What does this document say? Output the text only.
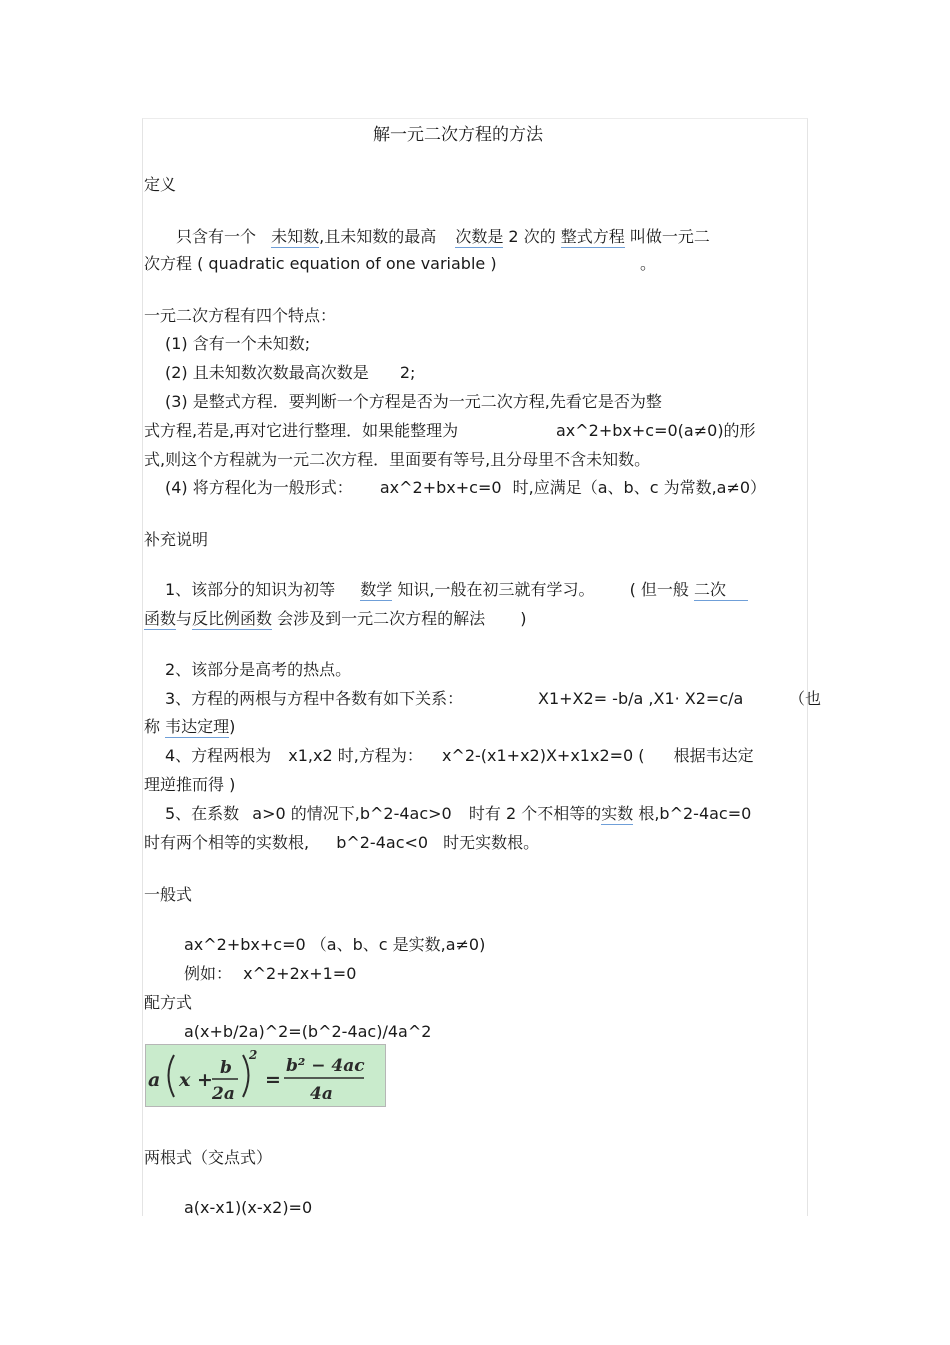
解一元二次方程的方法
定义
只含有一个 未知数,且未知数的最高 次数是 2 次的 整式方程 叫做一元二
次方程 ( quadratic equation of one variable )	。
一元二次方程有四个特点：
(1) 含有一个未知数;
(2) 且未知数次数最高次数是 2;
(3) 是整式方程．要判断一个方程是否为一元二次方程,先看它是否为整
式方程,若是,再对它进行整理．如果能整理为	ax^2+bx+c=0(a≠0)的形
式,则这个方程就为一元二次方程．里面要有等号,且分母里不含未知数。
(4) 将方程化为一般形式： ax^2+bx+c=0 时,应满足（a、b、c 为常数,a≠0）
补充说明
1、该部分的知识为初等 数学 知识,一般在初三就有学习。 ( 但一般 二次
函数与反比例函数 会涉及到一元二次方程的解法 )
2、该部分是高考的热点。
3、方程的两根与方程中各数有如下关系：	X1+X2= -b/a ,X1· X2=c/a	（也
称 韦达定理)
4、方程两根为 x1,x2 时,方程为： x^2-(x1+x2)X+x1x2=0 ( 根据韦达定
理逆推而得 )
5、在系数 a>0 的情况下,b^2-4ac>0 时有 2 个不相等的实数 根,b^2-4ac=0
时有两个相等的实数根, b^2-4ac<0 时无实数根。
一般式
ax^2+bx+c=0 （a、b、c 是实数,a≠0)
例如： x^2+2x+1=0
配方式
a(x+b/2a)^2=(b^2-4ac)/4a^2
a x +
b
2a
2
=
b² − 4ac
4a
两根式（交点式）
a(x-x1)(x-x2)=0
